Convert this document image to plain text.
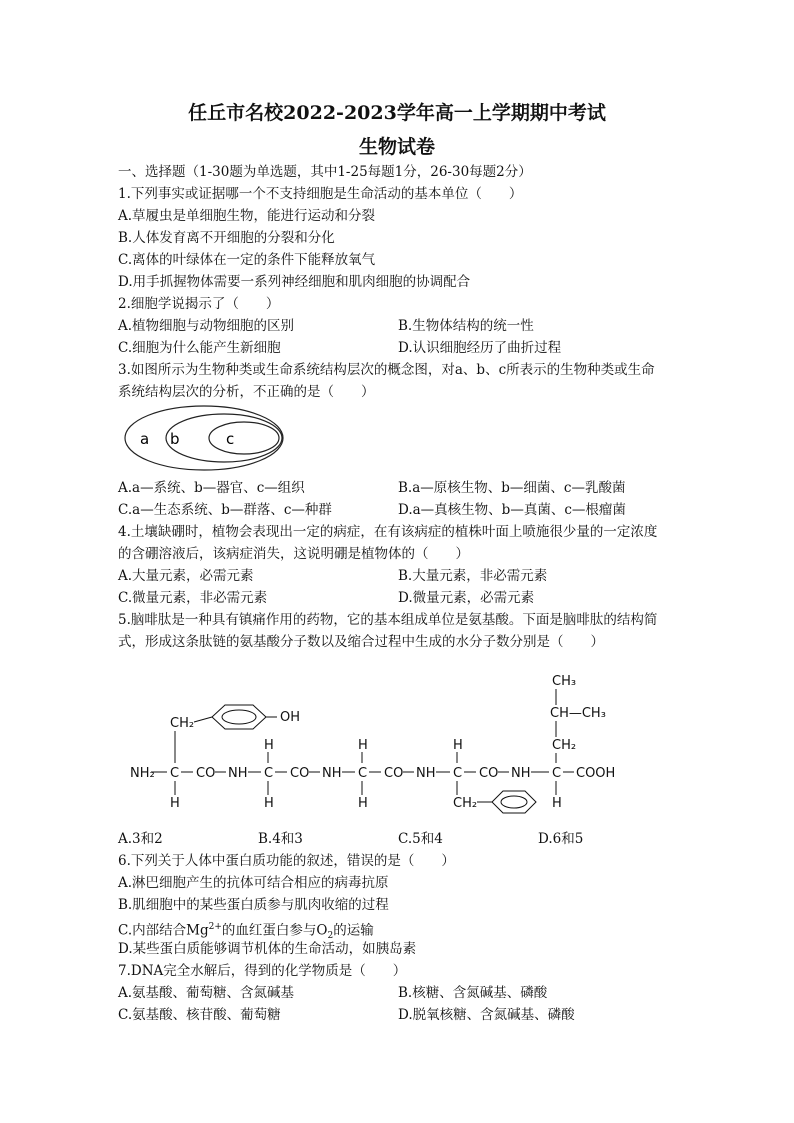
任丘市名校2022-2023学年高一上学期期中考试
生物试卷
一、选择题（1-30题为单选题，其中1-25每题1分，26-30每题2分）
1.下列事实或证据哪一个不支持细胞是生命活动的基本单位（　　）
A.草履虫是单细胞生物，能进行运动和分裂
B.人体发育离不开细胞的分裂和分化
C.离体的叶绿体在一定的条件下能释放氧气
D.用手抓握物体需要一系列神经细胞和肌肉细胞的协调配合
2.细胞学说揭示了（　　）
A.植物细胞与动物细胞的区别	B.生物体结构的统一性
C.细胞为什么能产生新细胞	D.认识细胞经历了曲折过程
3.如图所示为生物种类或生命系统结构层次的概念图，对a、b、c所表示的生物种类或生命
系统结构层次的分析，不正确的是（　　）
a b	c
A.a—系统、b—器官、c—组织	B.a—原核生物、b—细菌、c—乳酸菌
C.a—生态系统、b—群落、c—种群	D.a—真核生物、b—真菌、c—根瘤菌
4.土壤缺硼时，植物会表现出一定的病症，在有该病症的植株叶面上喷施很少量的一定浓度
的含硼溶液后，该病症消失，这说明硼是植物体的（　　）
A.大量元素，必需元素	B.大量元素，非必需元素
C.微量元素，非必需元素	D.微量元素，必需元素
5.脑啡肽是一种具有镇痛作用的药物，它的基本组成单位是氨基酸。下面是脑啡肽的结构简
式，形成这条肽链的氨基酸分子数以及缩合过程中生成的水分子数分别是（　　）
CH₃
CH—CH₃
CH₂
CH₂	OH
H	H	H
NH₂ C CO NH C CO NH C CO NH C CO NH C COOH
H	H	H	CH₂	H
A.3和2	B.4和3	C.5和4	D.6和5
6.下列关于人体中蛋白质功能的叙述，错误的是（　　）
A.淋巴细胞产生的抗体可结合相应的病毒抗原
B.肌细胞中的某些蛋白质参与肌肉收缩的过程
C.内部结合$Mg^{2+}$的血红蛋白参与$O_2$的运输
D.某些蛋白质能够调节机体的生命活动，如胰岛素
7.DNA完全水解后，得到的化学物质是（　　）
A.氨基酸、葡萄糖、含氮碱基	B.核糖、含氮碱基、磷酸
C.氨基酸、核苷酸、葡萄糖	D.脱氧核糖、含氮碱基、磷酸
